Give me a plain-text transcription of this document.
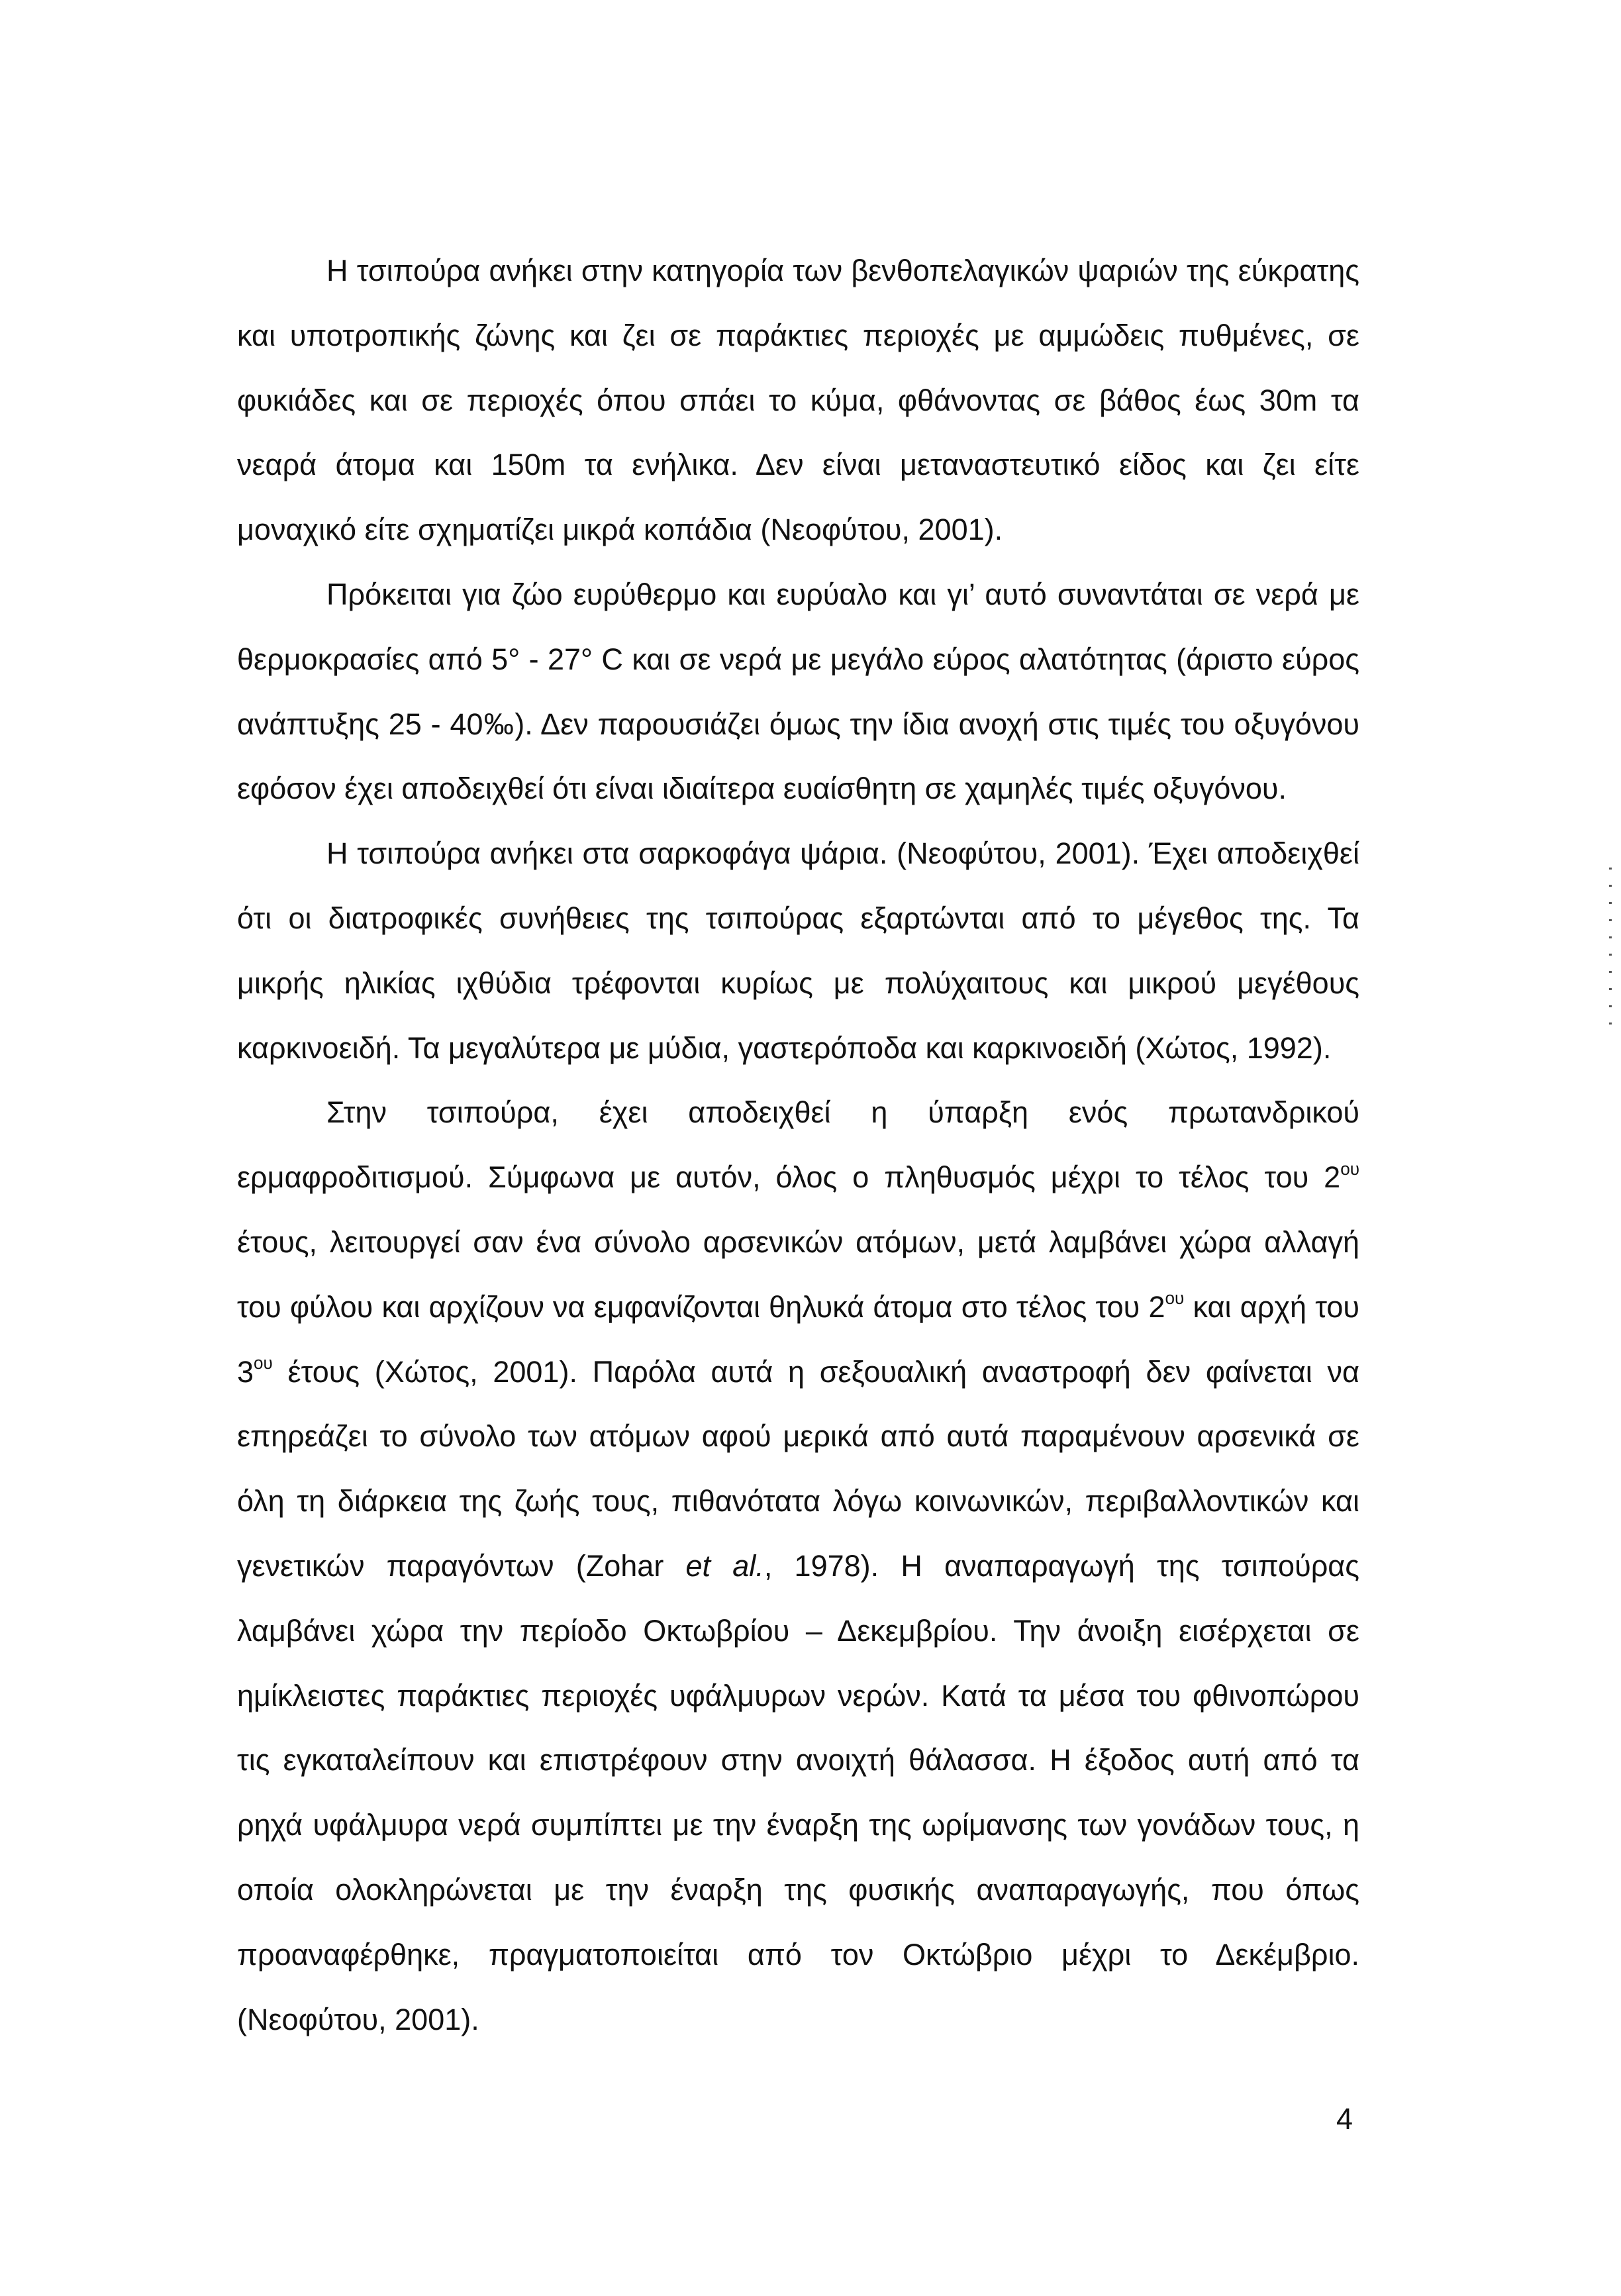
Η τσιπούρα ανήκει στην κατηγορία των βενθοπελαγικών ψαριών της εύκρατης και υποτροπικής ζώνης και ζει σε παράκτιες περιοχές με αμμώδεις πυθμένες, σε φυκιάδες και σε περιοχές όπου σπάει το κύμα, φθάνοντας σε βάθος έως 30m τα νεαρά άτομα και 150m τα ενήλικα. Δεν είναι μεταναστευτικό είδος και ζει είτε μοναχικό είτε σχηματίζει μικρά κοπάδια (Νεοφύτου, 2001).

Πρόκειται για ζώο ευρύθερμο και ευρύαλο και γι’ αυτό συναντάται σε νερά με θερμοκρασίες από 5° - 27° C και σε νερά με μεγάλο εύρος αλατότητας (άριστο εύρος ανάπτυξης 25 - 40‰). Δεν παρουσιάζει όμως την ίδια ανοχή στις τιμές του οξυγόνου εφόσον έχει αποδειχθεί ότι είναι ιδιαίτερα ευαίσθητη σε χαμηλές τιμές οξυγόνου.

Η τσιπούρα ανήκει στα σαρκοφάγα ψάρια. (Νεοφύτου, 2001). Έχει αποδειχθεί ότι οι διατροφικές συνήθειες της τσιπούρας εξαρτώνται από το μέγεθος της. Τα μικρής ηλικίας ιχθύδια τρέφονται κυρίως με πολύχαιτους και μικρού μεγέθους καρκινοειδή. Τα μεγαλύτερα με μύδια, γαστερόποδα και καρκινοειδή (Χώτος, 1992).

Στην τσιπούρα, έχει αποδειχθεί η ύπαρξη ενός πρωτανδρικού ερμαφροδιτισμού. Σύμφωνα με αυτόν, όλος ο πληθυσμός μέχρι το τέλος του $2^{o\upsilon}$ έτους, λειτουργεί σαν ένα σύνολο αρσενικών ατόμων, μετά λαμβάνει χώρα αλλαγή του φύλου και αρχίζουν να εμφανίζονται θηλυκά άτομα στο τέλος του $2^{o\upsilon}$ και αρχή του $3^{o\upsilon}$ έτους (Χώτος, 2001). Παρόλα αυτά η σεξουαλική αναστροφή δεν φαίνεται να επηρεάζει το σύνολο των ατόμων αφού μερικά από αυτά παραμένουν αρσενικά σε όλη τη διάρκεια της ζωής τους, πιθανότατα λόγω κοινωνικών, περιβαλλοντικών και γενετικών παραγόντων (Zohar et al., 1978). Η αναπαραγωγή της τσιπούρας λαμβάνει χώρα την περίοδο Οκτωβρίου – Δεκεμβρίου. Την άνοιξη εισέρχεται σε ημίκλειστες παράκτιες περιοχές υφάλμυρων νερών. Κατά τα μέσα του φθινοπώρου τις εγκαταλείπουν και επιστρέφουν στην ανοιχτή θάλασσα. Η έξοδος αυτή από τα ρηχά υφάλμυρα νερά συμπίπτει με την έναρξη της ωρίμανσης των γονάδων τους, η οποία ολοκληρώνεται με την έναρξη της φυσικής αναπαραγωγής, που όπως προαναφέρθηκε, πραγματοποιείται από τον Οκτώβριο μέχρι το Δεκέμβριο. (Νεοφύτου, 2001).

4
